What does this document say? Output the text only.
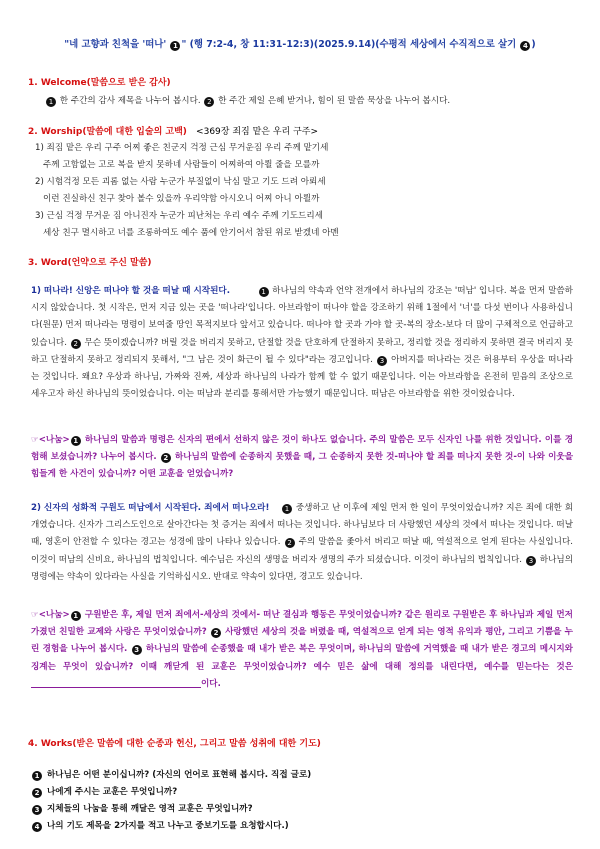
"네 고향과 친척을 '떠나' 1 " (행 7:2-4, 창 11:31-12:3)(2025.9.14)(수평적 세상에서 수직적으로 살기 4 )
1. Welcome(말씀으로 받은 감사)
1 한 주간의 감사 제목을 나누어 봅시다. 2 한 주간 제일 은혜 받거나, 힘이 된 말씀 묵상을 나누어 봅시다.
2. Worship(말씀에 대한 입술의 고백) <369장 죄짐 맡은 우리 구주>
1) 죄짐 맡은 우리 구주 어찌 좋은 친군지 걱정 근심 무거운짐 우리 주께 맡기세
주께 고함없는 고로 복을 받지 못하네 사람들이 어찌하여 아뢸 줄을 모를까
2) 시험걱정 모든 괴롬 없는 사람 누군가 부질없이 낙심 말고 기도 드려 아뢰세
이런 진실하신 친구 찾아 볼수 있을까 우리약함 아시오니 어찌 아니 아뢸까
3) 근심 걱정 무거운 짐 아니진자 누군가 피난처는 우리 예수 주께 기도드리세
세상 친구 멸시하고 너를 조롱하여도 예수 품에 안기어서 참된 위로 받겠네 아멘
3. Word(언약으로 주신 말씀)
1) 떠나라! 신앙은 떠나야 할 것을 떠날 때 시작된다.	1 하나님의 약속과 언약 전개에서 하나님의 강조는 '떠남' 입니다. 복을 먼저 말씀하시지 않았습니다. 첫 시작은, 먼저 지금 있는 곳을 '떠나라'입니다. 아브라함이 떠나야 할을 강조하기 위해 1절에서 '너'를 다섯 번이나 사용하십니다(원문) 먼저 떠나라는 명령이 보여줄 땅인 목적지보다 앞서고 있습니다. 떠나야 할 곳과 가야 할 곳-복의 장소-보다 더 많이 구체적으로 언급하고 있습니다. 2 무슨 뜻이겠습니까? 버릴 것을 버리지 못하고, 단절할 것을 단호하게 단절하지 못하고, 정리할 것을 정리하지 못하면 결국 버리지 못하고 단절하지 못하고 정리되지 못해서, "그 남은 것이 화근이 될 수 있다"라는 경고입니다. 3 아버지를 떠나라는 것은 허용부터 우상을 떠나라는 것입니다. 왜요? 우상과 하나님, 가짜와 진짜, 세상과 하나님의 나라가 함께 할 수 없기 때문입니다. 이는 아브라함을 온전히 믿음의 조상으로 세우고자 하신 하나님의 뜻이었습니다. 이는 떠남과 분리를 통해서만 가능했기 때문입니다. 떠남은 아브라함을 위한 것이었습니다.
☞<나눔> 1 하나님의 말씀과 명령은 신자의 편에서 선하지 않은 것이 하나도 없습니다. 주의 말씀은 모두 신자인 나를 위한 것입니다. 이를 경험해 보셨습니까? 나누어 봅시다. 2 하나님의 말씀에 순종하지 못했을 때, 그 순종하지 못한 것-떠나야 할 죄를 떠나지 못한 것-이 나와 이웃을 힘들게 한 사건이 있습니까? 어떤 교훈을 얻었습니까?
2) 신자의 성화적 구원도 떠남에서 시작된다. 죄에서 떠나오라! 1 중생하고 난 이후에 제일 먼저 한 일이 무엇이었습니까? 지은 죄에 대한 회개였습니다. 신자가 그리스도인으로 살아간다는 첫 증거는 죄에서 떠나는 것입니다. 하나님보다 더 사랑했던 세상의 것에서 떠나는 것입니다. 떠날 때, 영혼이 안전할 수 있다는 경고는 성경에 많이 나타나 있습니다. 2 주의 말씀을 좇아서 버리고 떠날 때, 역설적으로 얻게 된다는 사실입니다. 이것이 떠남의 신비요, 하나님의 법칙입니다. 예수님은 자신의 생명을 버리자 생명의 주가 되셨습니다. 이것이 하나님의 법칙입니다. 3 하나님의 명령에는 약속이 있다라는 사실을 기억하십시오. 반대로 약속이 있다면, 경고도 있습니다.
☞<나눔> 1 구원받은 후, 제일 먼저 죄에서-세상의 것에서- 떠난 결심과 행동은 무엇이었습니까? 같은 원리로 구원받은 후 하나님과 제일 먼저 가졌던 친밀한 교제와 사랑은 무엇이었습니까? 2 사랑했던 세상의 것을 버렸을 때, 역설적으로 얻게 되는 영적 유익과 평안, 그리고 기쁨을 누린 경험을 나누어 봅시다. 3 하나님의 말씀에 순종했을 때 내가 받은 복은 무엇이며, 하나님의 말씀에 거역했을 때 내가 받은 경고의 메시지와 징계는 무엇이 있습니까? 이때 깨닫게 된 교훈은 무엇이었습니까? 예수 믿은 삶에 대해 정의를 내린다면, 예수를 믿는다는 것은 이다.
4. Works(받은 말씀에 대한 순종과 헌신, 그리고 말씀 성취에 대한 기도)
1 하나님은 어떤 분이십니까? (자신의 언어로 표현해 봅시다. 직접 글로)
2 나에게 주시는 교훈은 무엇입니까?
3 지체들의 나눔을 통해 깨달은 영적 교훈은 무엇입니까?
4 나의 기도 제목을 2가지를 적고 나누고 중보기도를 요청합시다.)
